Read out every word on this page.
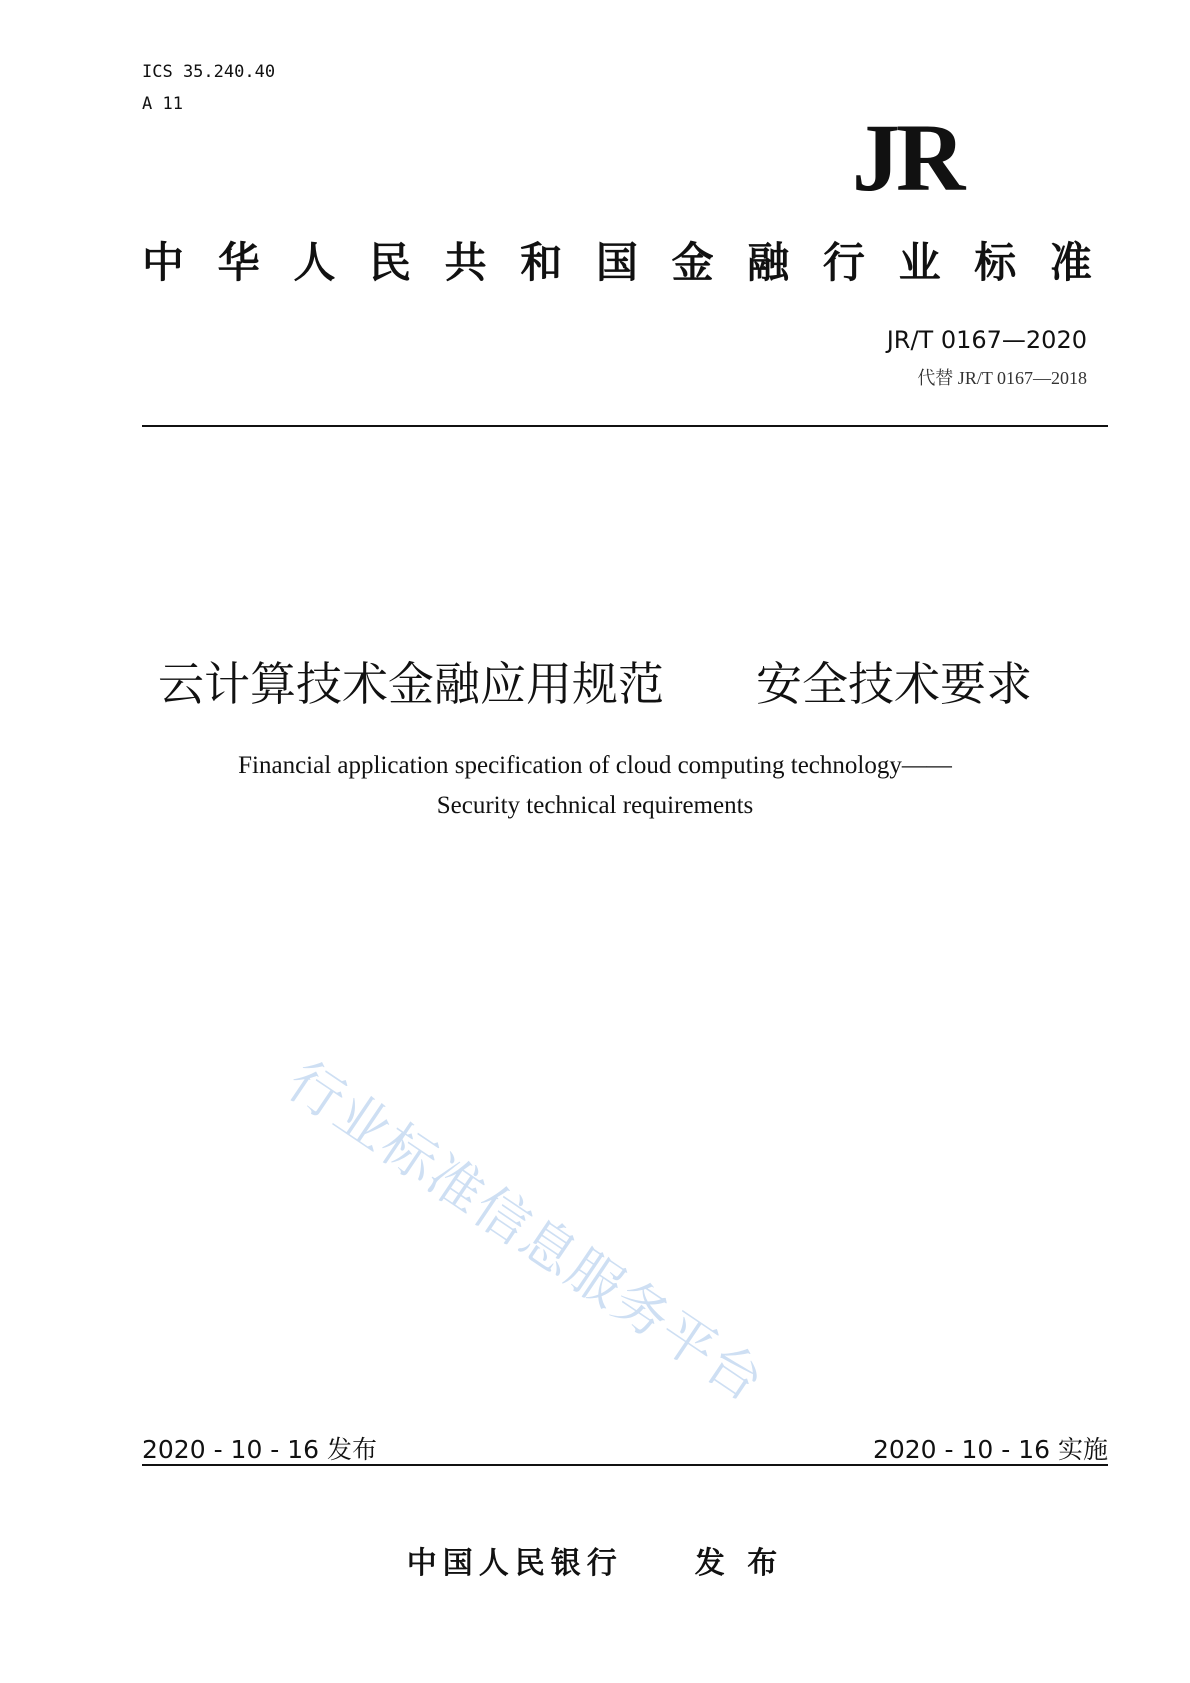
ICS 35.240.40
A 11	JR
中 华 人 民 共 和 国 金 融 行 业 标 准
JR/T 0167—2020
代替 JR/T 0167—2018
云计算技术金融应用规范　　安全技术要求
Financial application specification of cloud computing technology——
Security technical requirements
行业标准信息服务平台
2020 - 10 - 16 发布	2020 - 10 - 16 实施
中国人民银行　　发 布
